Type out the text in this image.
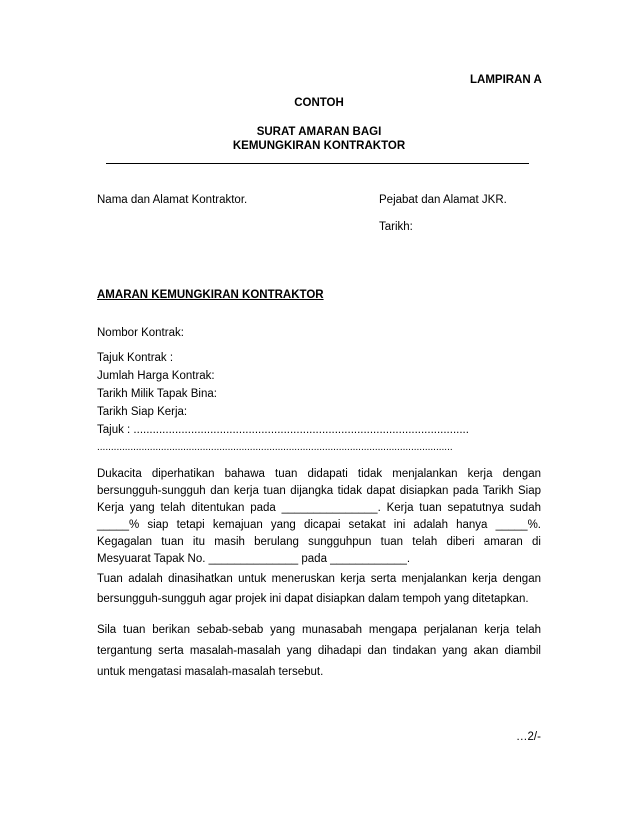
LAMPIRAN A
CONTOH
SURAT AMARAN BAGI
KEMUNGKIRAN KONTRAKTOR
Nama dan Alamat Kontraktor.	Pejabat dan Alamat JKR.
Tarikh:
AMARAN KEMUNGKIRAN KONTRAKTOR
Nombor Kontrak:
Tajuk Kontrak :
Jumlah Harga Kontrak:
Tarikh Milik Tapak Bina:
Tarikh Siap Kerja:
Tajuk : .........................................................................................................
................................................................................................................................
Dukacita diperhatikan bahawa tuan didapati tidak menjalankan kerja dengan
bersungguh-sungguh dan kerja tuan dijangka tidak dapat disiapkan pada Tarikh Siap
Kerja yang telah ditentukan pada _______________. Kerja tuan sepatutnya sudah
_____% siap tetapi kemajuan yang dicapai setakat ini adalah hanya _____%.
Kegagalan tuan itu masih berulang sungguhpun tuan telah diberi amaran di
Mesyuarat Tapak No. ______________ pada ____________.
Tuan adalah dinasihatkan untuk meneruskan kerja serta menjalankan kerja dengan
bersungguh-sungguh agar projek ini dapat disiapkan dalam tempoh yang ditetapkan.
Sila tuan berikan sebab-sebab yang munasabah mengapa perjalanan kerja telah
tergantung serta masalah-masalah yang dihadapi dan tindakan yang akan diambil
untuk mengatasi masalah-masalah tersebut.
…2/-
